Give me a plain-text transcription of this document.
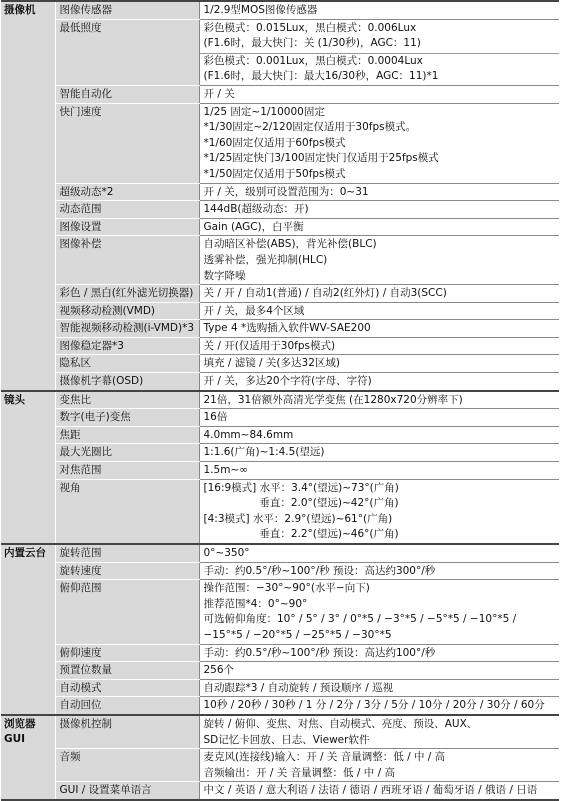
摄像机	图像传感器	1/2.9型MOS图像传感器

	最低照度	彩色模式：0.015Lux，黑白模式：0.006Lux
(F1.6时，最大快门：关 (1/30秒)，AGC：11)
彩色模式：0.001Lux，黑白模式：0.0004Lux
(F1.6时，最大快门：最大16/30秒，AGC：11)*1

	智能自动化	开 / 关

	快门速度	1/25 固定~1/10000固定
*1/30固定~2/120固定仅适用于30fps模式。
*1/60固定仅适用于60fps模式
*1/25固定快门3/100固定快门仅适用于25fps模式
*1/50固定仅适用于50fps模式

	超级动态*2	开 / 关，级别可设置范围为：0~31

	动态范围	144dB(超级动态：开)

	图像设置	Gain (AGC)，白平衡

	图像补偿	自动暗区补偿(ABS)，背光补偿(BLC)
透雾补偿，强光抑制(HLC)
数字降噪

	彩色 / 黑白(红外滤光切换器)	关 / 开 / 自动1(普通) / 自动2(红外灯) / 自动3(SCC)

	视频移动检测(VMD)	开 / 关，最多4个区域

	智能视频移动检测(i-VMD)*3	Type 4 *选购插入软件WV-SAE200

	图像稳定器*3	关 / 开(仅适用于30fps模式)

	隐私区	填充 / 滤镜 / 关(多达32区域)

	摄像机字幕(OSD)	开 / 关，多达20个字符(字母、字符)

镜头	变焦比	21倍，31倍额外高清光学变焦 (在1280x720分辨率下)

	数字(电子)变焦	16倍

	焦距	4.0mm~84.6mm

	最大光圈比	1:1.6(广角)~1:4.5(望远)

	对焦范围	1.5m~∞

	视角	[16:9模式] 水平：3.4°(望远)~73°(广角)
　　　　　 垂直：2.0°(望远)~42°(广角)
[4:3模式] 水平：2.9°(望远)~61°(广角)
　　　　　 垂直：2.2°(望远)~46°(广角)

内置云台	旋转范围	0°~350°

	旋转速度	手动：约0.5°/秒~100°/秒 预设：高达约300°/秒

	俯仰范围	操作范围：−30°~90°(水平−向下)
推荐范围*4：0°~90°
可选俯仰角度：10° / 5° / 3° / 0°*5 / −3°*5 / −5°*5 / −10°*5 /
−15°*5 / −20°*5 / −25°*5 / −30°*5

	俯仰速度	手动：约0.5°/秒~100°/秒 预设：高达约100°/秒

	预置位数量	256个

	自动模式	自动跟踪*3 / 自动旋转 / 预设顺序 / 巡视

	自动回位	10秒 / 20秒 / 30秒 / 1 分 / 2分 / 3分 / 5分 / 10分 / 20分 / 30分 / 60分

浏览器
GUI	摄像机控制	旋转 / 俯仰、变焦、对焦、自动模式、亮度、预设、AUX、
SD记忆卡回放、日志、Viewer软件

	音频	麦克风(连接线)输入：开 / 关 音量调整：低 / 中 / 高
音频输出：开 / 关 音量调整：低 / 中 / 高

	GUI / 设置菜单语言	中文 / 英语 / 意大利语 / 法语 / 德语 / 西班牙语 / 葡萄牙语 / 俄语 / 日语
